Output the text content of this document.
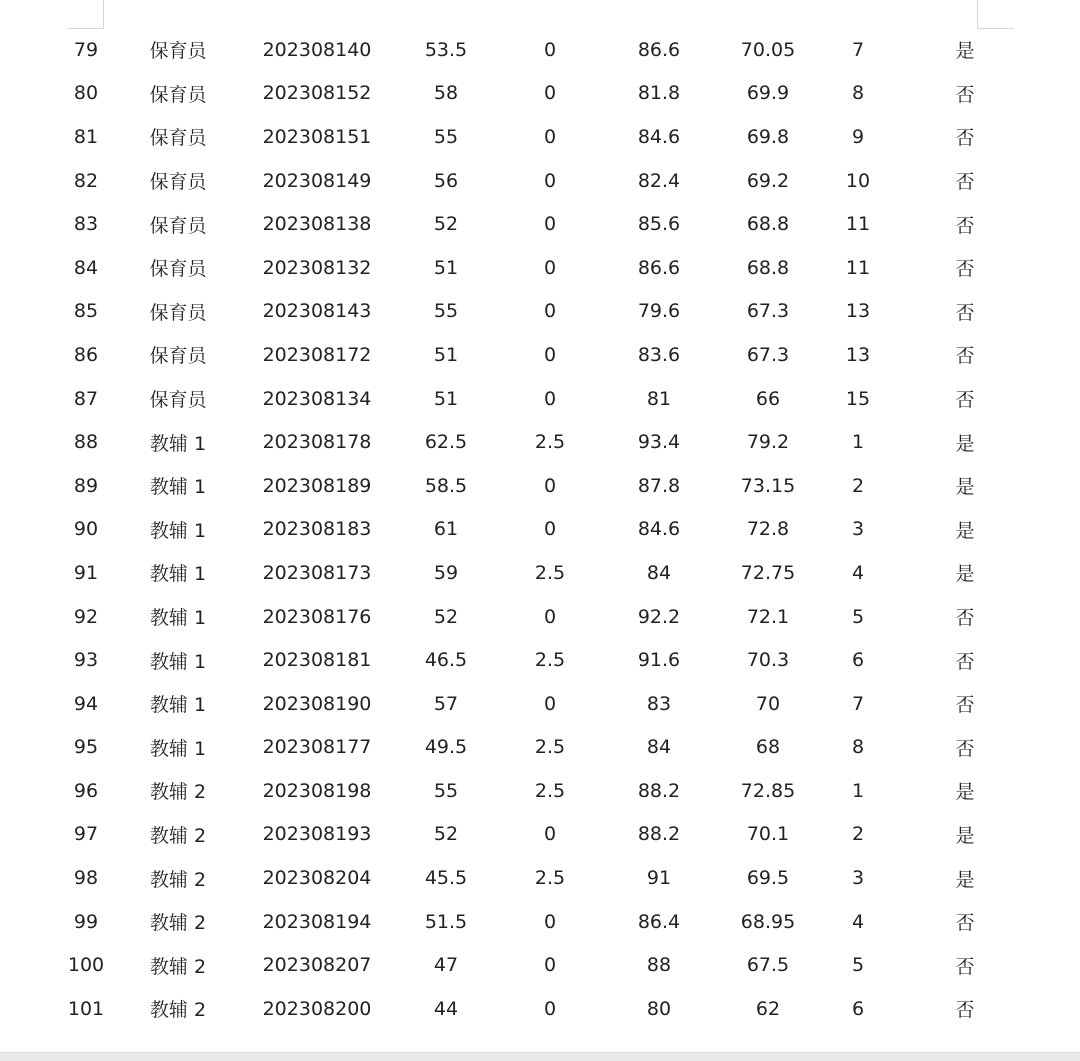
79	保育员	202308140	53.5	0	86.6	70.05	7	是
80	保育员	202308152	58	0	81.8	69.9	8	否
81	保育员	202308151	55	0	84.6	69.8	9	否
82	保育员	202308149	56	0	82.4	69.2	10	否
83	保育员	202308138	52	0	85.6	68.8	11	否
84	保育员	202308132	51	0	86.6	68.8	11	否
85	保育员	202308143	55	0	79.6	67.3	13	否
86	保育员	202308172	51	0	83.6	67.3	13	否
87	保育员	202308134	51	0	81	66	15	否
88	教辅 1	202308178	62.5	2.5	93.4	79.2	1	是
89	教辅 1	202308189	58.5	0	87.8	73.15	2	是
90	教辅 1	202308183	61	0	84.6	72.8	3	是
91	教辅 1	202308173	59	2.5	84	72.75	4	是
92	教辅 1	202308176	52	0	92.2	72.1	5	否
93	教辅 1	202308181	46.5	2.5	91.6	70.3	6	否
94	教辅 1	202308190	57	0	83	70	7	否
95	教辅 1	202308177	49.5	2.5	84	68	8	否
96	教辅 2	202308198	55	2.5	88.2	72.85	1	是
97	教辅 2	202308193	52	0	88.2	70.1	2	是
98	教辅 2	202308204	45.5	2.5	91	69.5	3	是
99	教辅 2	202308194	51.5	0	86.4	68.95	4	否
100	教辅 2	202308207	47	0	88	67.5	5	否
101	教辅 2	202308200	44	0	80	62	6	否
